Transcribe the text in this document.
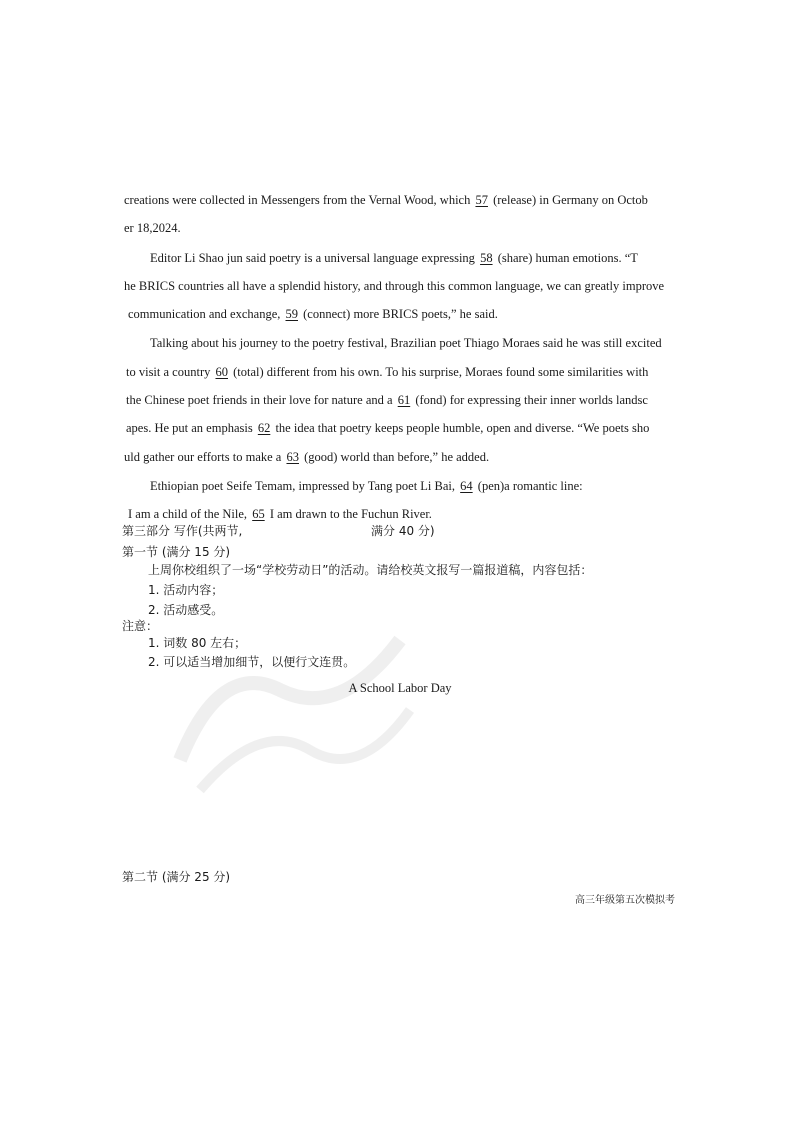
creations were collected in Messengers from the Vernal Wood, which 57 (release) in Germany on Octob
er 18,2024.
Editor Li Shao jun said poetry is a universal language expressing 58 (share) human emotions. “T
he BRICS countries all have a splendid history, and through this common language, we can greatly improve
communication and exchange, 59 (connect) more BRICS poets,” he said.
Talking about his journey to the poetry festival, Brazilian poet Thiago Moraes said he was still excited
to visit a country 60 (total) different from his own. To his surprise, Moraes found some similarities with
the Chinese poet friends in their love for nature and a 61 (fond) for expressing their inner worlds landsc
apes. He put an emphasis 62 the idea that poetry keeps people humble, open and diverse. “We poets sho
uld gather our efforts to make a 63 (good) world than before,” he added.
Ethiopian poet Seife Temam, impressed by Tang poet Li Bai, 64 (pen)a romantic line:
I am a child of the Nile, 65 I am drawn to the Fuchun River.
第三部分 写作(共两节,	满分 40 分)
第一节 (满分 15 分)
上周你校组织了一场“学校劳动日”的活动。请给校英文报写一篇报道稿，内容包括：
1. 活动内容；
2. 活动感受。
注意：
1. 词数 80 左右；
2. 可以适当增加细节，以便行文连贯。
A School Labor Day
第二节 (满分 25 分)
高三年级第五次模拟考
